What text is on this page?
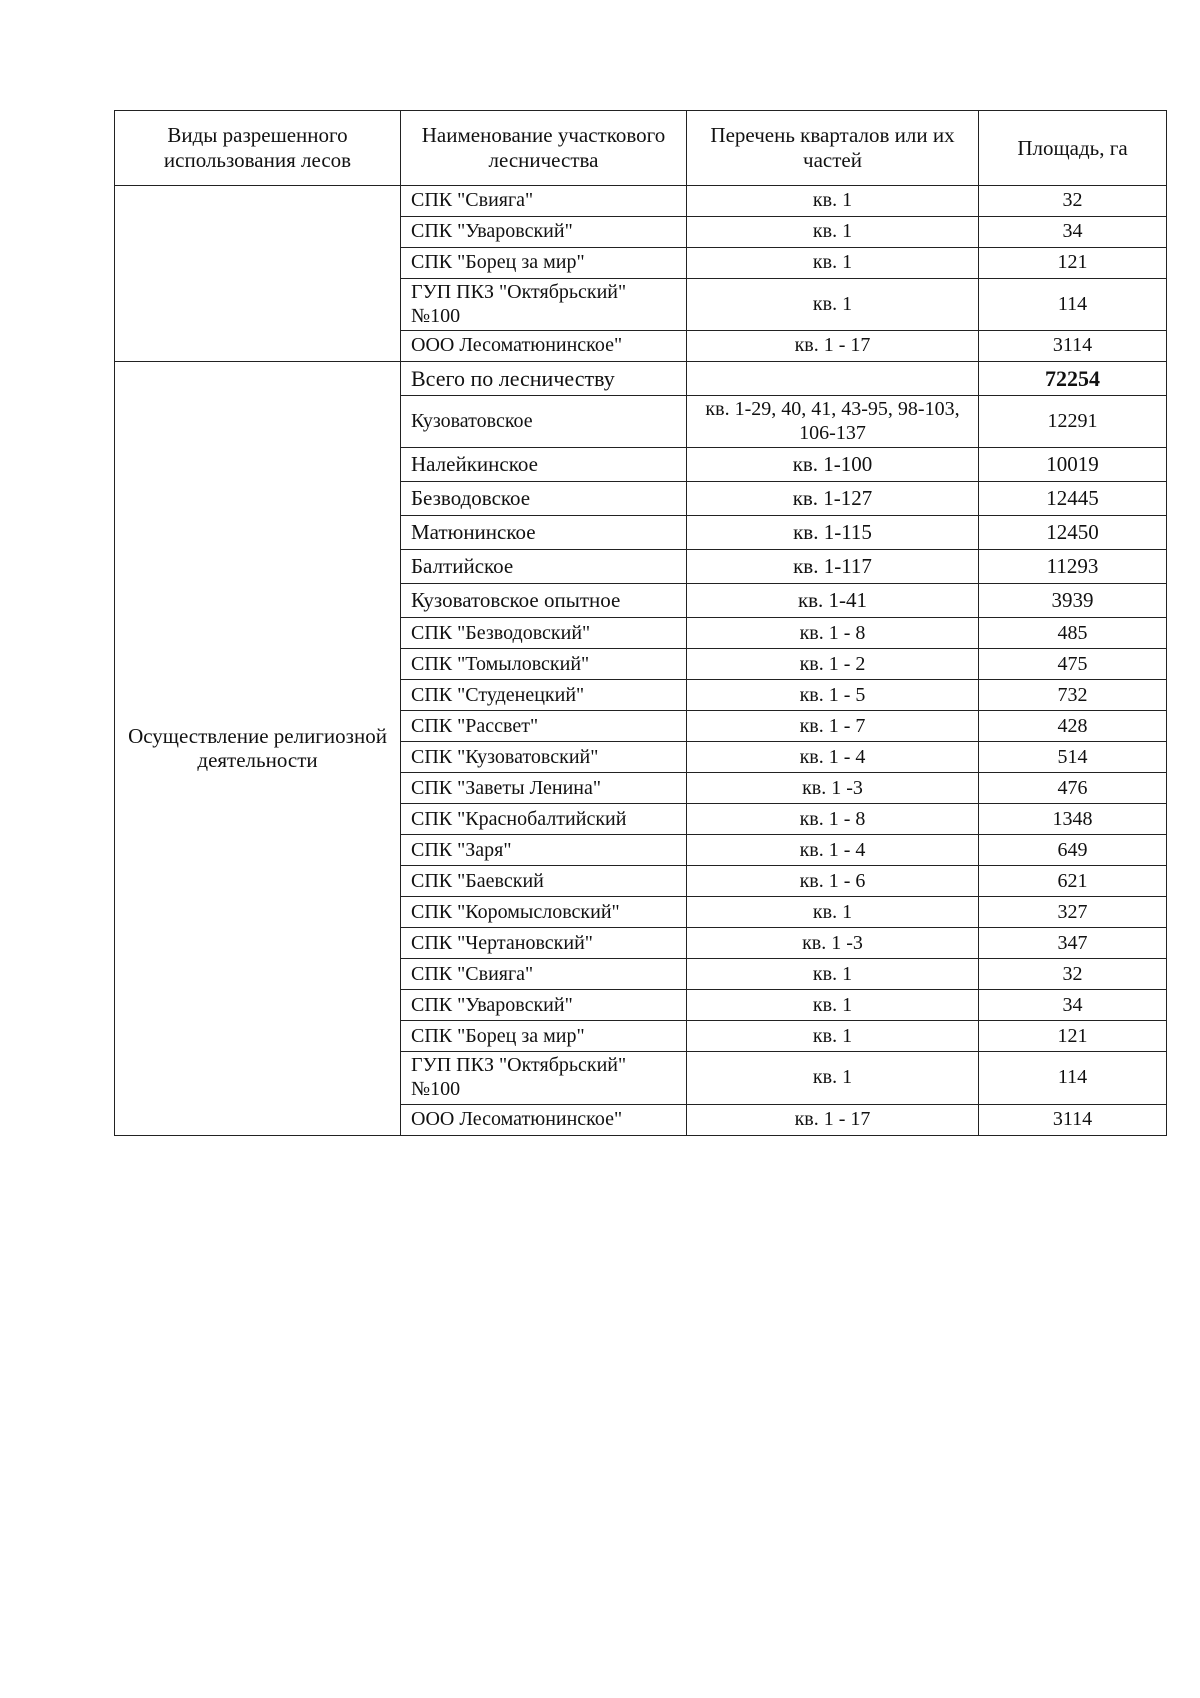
Виды разрешенного использования лесов	Наименование участкового лесничества	Перечень кварталов или их частей	Площадь, га
	СПК "Свияга"	кв. 1	32
	СПК "Уваровский"	кв. 1	34
	СПК "Борец за мир"	кв. 1	121
	ГУП ПКЗ "Октябрьский" №100	кв. 1	114
	ООО Лесоматюнинское"	кв. 1 - 17	3114
Осуществление религиозной деятельности	Всего по лесничеству		72254
	Кузоватовское	кв. 1-29, 40, 41, 43-95, 98-103, 106-137	12291
	Налейкинское	кв. 1-100	10019
	Безводовское	кв. 1-127	12445
	Матюнинское	кв. 1-115	12450
	Балтийское	кв. 1-117	11293
	Кузоватовское опытное	кв. 1-41	3939
	СПК "Безводовский"	кв. 1 - 8	485
	СПК "Томыловский"	кв. 1 - 2	475
	СПК "Студенецкий"	кв. 1 - 5	732
	СПК "Рассвет"	кв. 1 - 7	428
	СПК "Кузоватовский"	кв. 1 - 4	514
	СПК "Заветы Ленина"	кв. 1 -3	476
	СПК "Краснобалтийский	кв. 1 - 8	1348
	СПК "Заря"	кв. 1 - 4	649
	СПК "Баевский	кв. 1 - 6	621
	СПК "Коромысловский"	кв. 1	327
	СПК "Чертановский"	кв. 1 -3	347
	СПК "Свияга"	кв. 1	32
	СПК "Уваровский"	кв. 1	34
	СПК "Борец за мир"	кв. 1	121
	ГУП ПКЗ "Октябрьский" №100	кв. 1	114
	ООО Лесоматюнинское"	кв. 1 - 17	3114
